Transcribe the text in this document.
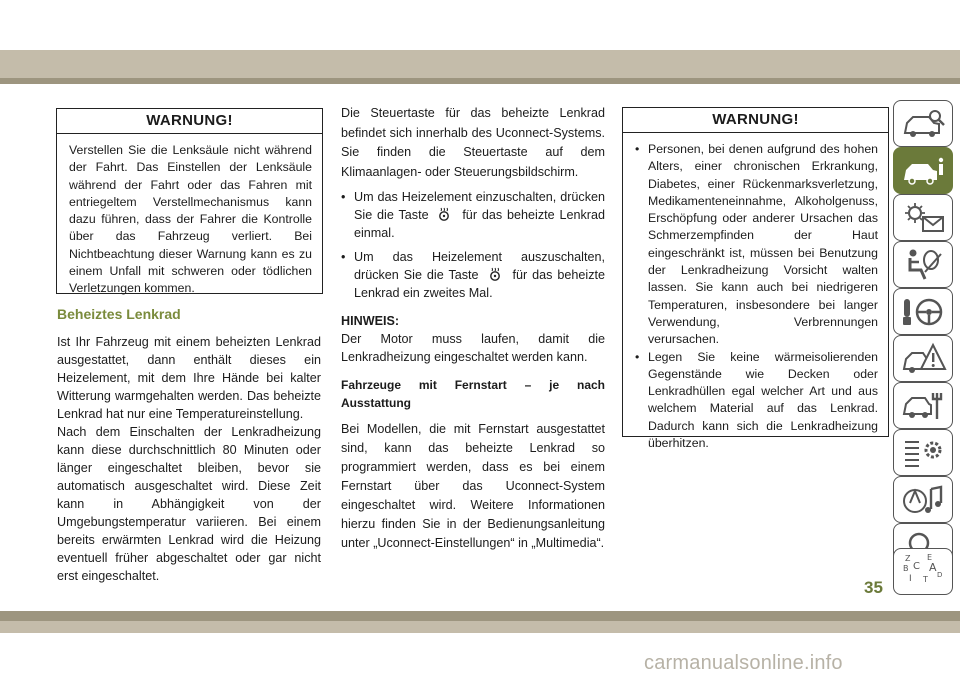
WARNUNG!
Verstellen Sie die Lenksäule nicht während der Fahrt. Das Einstellen der Lenksäule während der Fahrt oder das Fahren mit entriegeltem Verstellmechanismus kann dazu führen, dass der Fahrer die Kontrolle über das Fahrzeug verliert. Bei Nichtbeachtung dieser Warnung kann es zu einem Unfall mit schweren oder tödlichen Verletzungen kommen.

Beheiztes Lenkrad

Ist Ihr Fahrzeug mit einem beheizten Lenkrad ausgestattet, dann enthält dieses ein Heizelement, mit dem Ihre Hände bei kalter Witterung warmgehalten werden. Das beheizte Lenkrad hat nur eine Temperatureinstellung.

Nach dem Einschalten der Lenkradheizung kann diese durchschnittlich 80 Minuten oder länger eingeschaltet bleiben, bevor sie automatisch ausgeschaltet wird. Diese Zeit kann in Abhängigkeit von der Umgebungstemperatur variieren. Bei einem bereits erwärmten Lenkrad wird die Heizung eventuell früher abgeschaltet oder gar nicht erst eingeschaltet.

Die Steuertaste für das beheizte Lenkrad befindet sich innerhalb des Uconnect-Systems. Sie finden die Steuertaste auf dem Klimaanlagen- oder Steuerungsbildschirm.

• Um das Heizelement einzuschalten, drücken Sie die Taste	für das beheizte Lenkrad einmal.

• Um das Heizelement auszuschalten, drücken Sie die Taste	für das beheizte Lenkrad ein zweites Mal.

HINWEIS:

Der Motor muss laufen, damit die Lenkradheizung eingeschaltet werden kann.

Fahrzeuge mit Fernstart – je nach Ausstattung

Bei Modellen, die mit Fernstart ausgestattet sind, kann das beheizte Lenkrad so programmiert werden, dass es bei einem Fernstart über das Uconnect-System eingeschaltet wird. Weitere Informationen hierzu finden Sie in der Bedienungsanleitung unter „Uconnect-Einstellungen“ in „Multimedia“.

WARNUNG!

• Personen, bei denen aufgrund des hohen Alters, einer chronischen Erkrankung, Diabetes, einer Rückenmarksverletzung, Medikamenteneinnahme, Alkoholgenuss, Erschöpfung oder anderer Ursachen das Schmerzempfinden der Haut eingeschränkt ist, müssen bei Benutzung der Lenkradheizung Vorsicht walten lassen. Sie kann auch bei niedrigeren Temperaturen, insbesondere bei langer Verwendung, Verbrennungen verursachen.

• Legen Sie keine wärmeisolierenden Gegenstände wie Decken oder Lenkradhüllen egal welcher Art und aus welchem Material auf das Lenkrad. Dadurch kann sich die Lenkradheizung überhitzen.

Z E
B A
C
D
T
I
35
carmanualsonline.info
